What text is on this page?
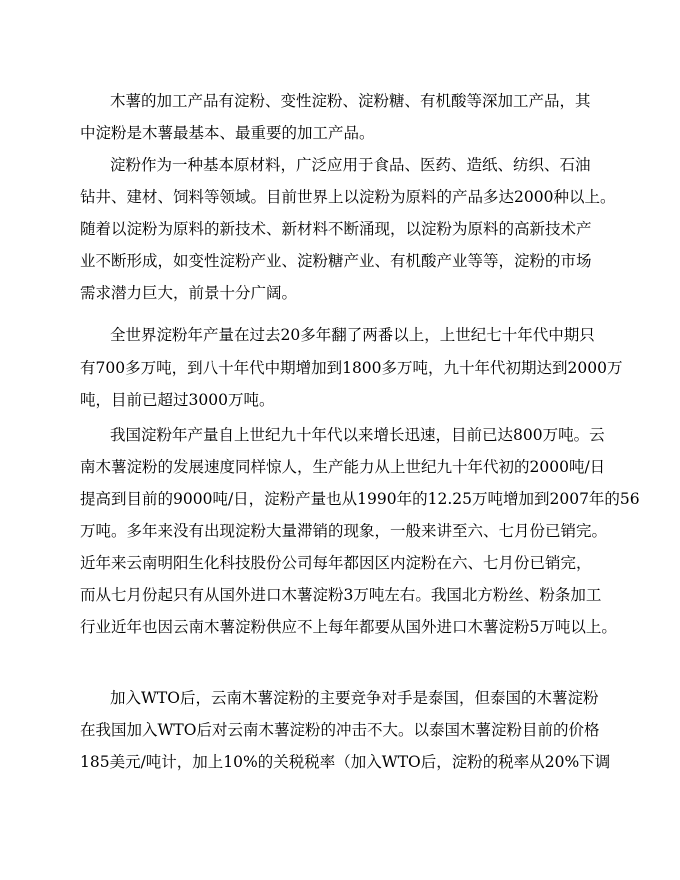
木薯的加工产品有淀粉、变性淀粉、淀粉糖、有机酸等深加工产品，其
中淀粉是木薯最基本、最重要的加工产品。
淀粉作为一种基本原材料，广泛应用于食品、医药、造纸、纺织、石油
钻井、建材、饲料等领域。目前世界上以淀粉为原料的产品多达2000种以上。
随着以淀粉为原料的新技术、新材料不断涌现，以淀粉为原料的高新技术产
业不断形成，如变性淀粉产业、淀粉糖产业、有机酸产业等等，淀粉的市场
需求潜力巨大，前景十分广阔。
全世界淀粉年产量在过去20多年翻了两番以上，上世纪七十年代中期只
有700多万吨，到八十年代中期增加到1800多万吨，九十年代初期达到2000万
吨，目前已超过3000万吨。
我国淀粉年产量自上世纪九十年代以来增长迅速，目前已达800万吨。云
南木薯淀粉的发展速度同样惊人，生产能力从上世纪九十年代初的2000吨/日
提高到目前的9000吨/日，淀粉产量也从1990年的12.25万吨增加到2007年的56
万吨。多年来没有出现淀粉大量滞销的现象，一般来讲至六、七月份已销完。
近年来云南明阳生化科技股份公司每年都因区内淀粉在六、七月份已销完，
而从七月份起只有从国外进口木薯淀粉3万吨左右。我国北方粉丝、粉条加工
行业近年也因云南木薯淀粉供应不上每年都要从国外进口木薯淀粉5万吨以上。
加入WTO后，云南木薯淀粉的主要竞争对手是泰国，但泰国的木薯淀粉
在我国加入WTO后对云南木薯淀粉的冲击不大。以泰国木薯淀粉目前的价格
185美元/吨计，加上10%的关税税率（加入WTO后，淀粉的税率从20%下调
